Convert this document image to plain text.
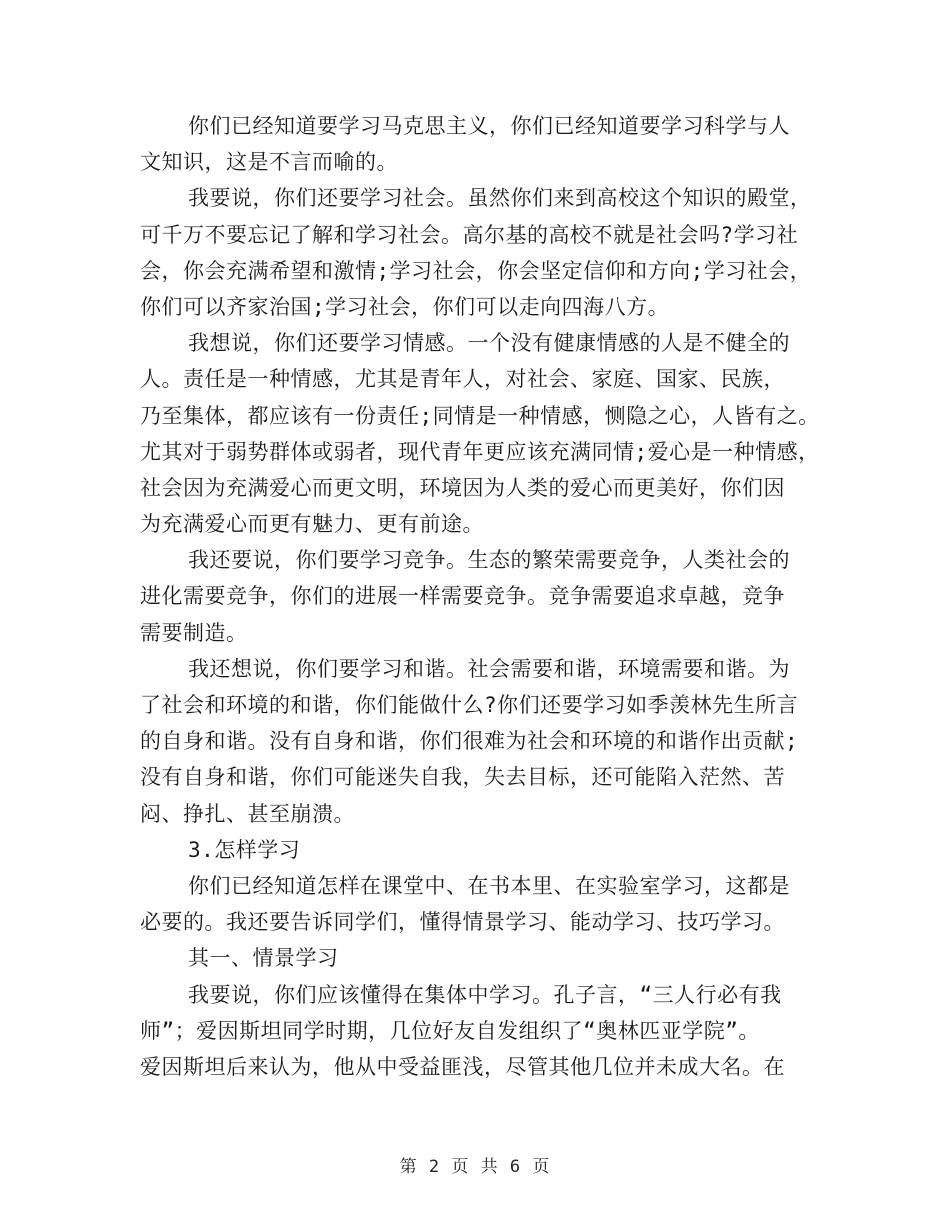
你们已经知道要学习马克思主义，你们已经知道要学习科学与人
文知识，这是不言而喻的。
我要说，你们还要学习社会。虽然你们来到高校这个知识的殿堂，
可千万不要忘记了解和学习社会。高尔基的高校不就是社会吗?学习社
会，你会充满希望和激情;学习社会，你会坚定信仰和方向;学习社会，
你们可以齐家治国;学习社会，你们可以走向四海八方。
我想说，你们还要学习情感。一个没有健康情感的人是不健全的
人。责任是一种情感，尤其是青年人，对社会、家庭、国家、民族，
乃至集体，都应该有一份责任;同情是一种情感，恻隐之心，人皆有之。
尤其对于弱势群体或弱者，现代青年更应该充满同情;爱心是一种情感，
社会因为充满爱心而更文明，环境因为人类的爱心而更美好，你们因
为充满爱心而更有魅力、更有前途。
我还要说，你们要学习竞争。生态的繁荣需要竞争，人类社会的
进化需要竞争，你们的进展一样需要竞争。竞争需要追求卓越，竞争
需要制造。
我还想说，你们要学习和谐。社会需要和谐，环境需要和谐。为
了社会和环境的和谐，你们能做什么?你们还要学习如季羡林先生所言
的自身和谐。没有自身和谐，你们很难为社会和环境的和谐作出贡献;
没有自身和谐，你们可能迷失自我，失去目标，还可能陷入茫然、苦
闷、挣扎、甚至崩溃。
3.怎样学习
你们已经知道怎样在课堂中、在书本里、在实验室学习，这都是
必要的。我还要告诉同学们，懂得情景学习、能动学习、技巧学习。
其一、情景学习
我要说，你们应该懂得在集体中学习。孔子言，“三人行必有我
师”；爱因斯坦同学时期，几位好友自发组织了“奥林匹亚学院”。
爱因斯坦后来认为，他从中受益匪浅，尽管其他几位并未成大名。在
第 2 页 共 6 页
